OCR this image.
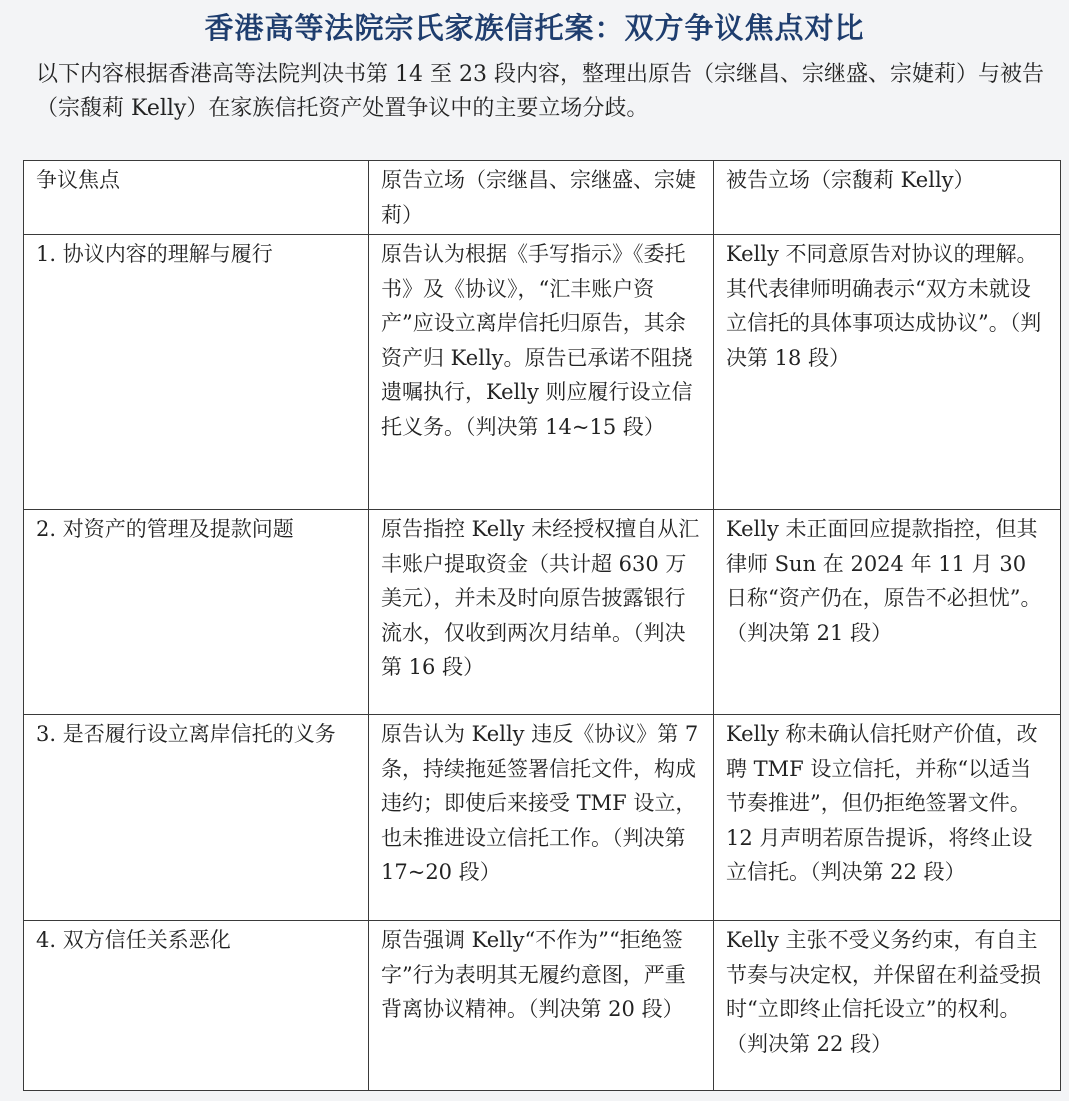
香港高等法院宗氏家族信托案：双方争议焦点对比
以下内容根据香港高等法院判决书第 14 至 23 段内容，整理出原告（宗继昌、宗继盛、宗婕莉）与被告（宗馥莉 Kelly）在家族信托资产处置争议中的主要立场分歧。
争议焦点	原告立场（宗继昌、宗继盛、宗婕莉）	被告立场（宗馥莉 Kelly）
1. 协议内容的理解与履行	原告认为根据《手写指示》《委托书》及《协议》，“汇丰账户资产”应设立离岸信托归原告，其余资产归 Kelly。原告已承诺不阻挠遗嘱执行，Kelly 则应履行设立信托义务。（判决第 14~15 段）	Kelly 不同意原告对协议的理解。其代表律师明确表示“双方未就设立信托的具体事项达成协议”。（判决第 18 段）
2. 对资产的管理及提款问题	原告指控 Kelly 未经授权擅自从汇丰账户提取资金（共计超 630 万美元），并未及时向原告披露银行流水，仅收到两次月结单。（判决第 16 段）	Kelly 未正面回应提款指控，但其律师 Sun 在 2024 年 11 月 30 日称“资产仍在，原告不必担忧”。（判决第 21 段）
3. 是否履行设立离岸信托的义务	原告认为 Kelly 违反《协议》第 7 条，持续拖延签署信托文件，构成违约；即使后来接受 TMF 设立，也未推进设立信托工作。（判决第 17~20 段）	Kelly 称未确认信托财产价值，改聘 TMF 设立信托，并称“以适当节奏推进”，但仍拒绝签署文件。12 月声明若原告提诉，将终止设立信托。（判决第 22 段）
4. 双方信任关系恶化	原告强调 Kelly“不作为”“拒绝签字”行为表明其无履约意图，严重背离协议精神。（判决第 20 段）	Kelly 主张不受义务约束，有自主节奏与决定权，并保留在利益受损时“立即终止信托设立”的权利。（判决第 22 段）
